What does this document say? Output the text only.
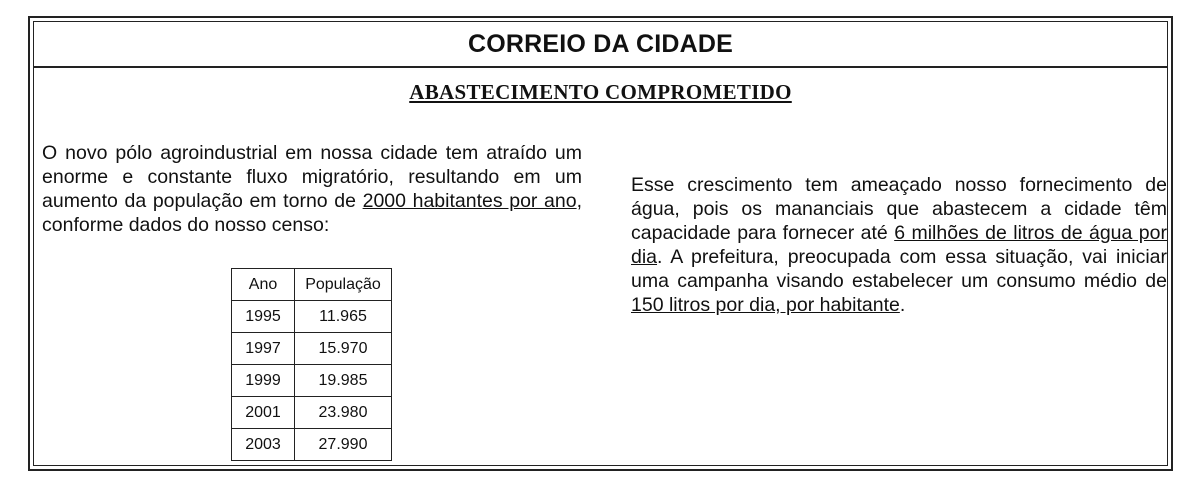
CORREIO DA CIDADE
ABASTECIMENTO COMPROMETIDO
O novo pólo agroindustrial em nossa cidade tem atraído um enorme e constante fluxo migratório, resultando em um aumento da população em torno de 2000 habitantes por ano, conforme dados do nosso censo:
Ano	População
1995	11.965
1997	15.970
1999	19.985
2001	23.980
2003	27.990
Esse crescimento tem ameaçado nosso fornecimento de água, pois os mananciais que abastecem a cidade têm capacidade para fornecer até 6 milhões de litros de água por dia. A prefeitura, preocupada com essa situação, vai iniciar uma campanha visando estabelecer um consumo médio de 150 litros por dia, por habitante.
